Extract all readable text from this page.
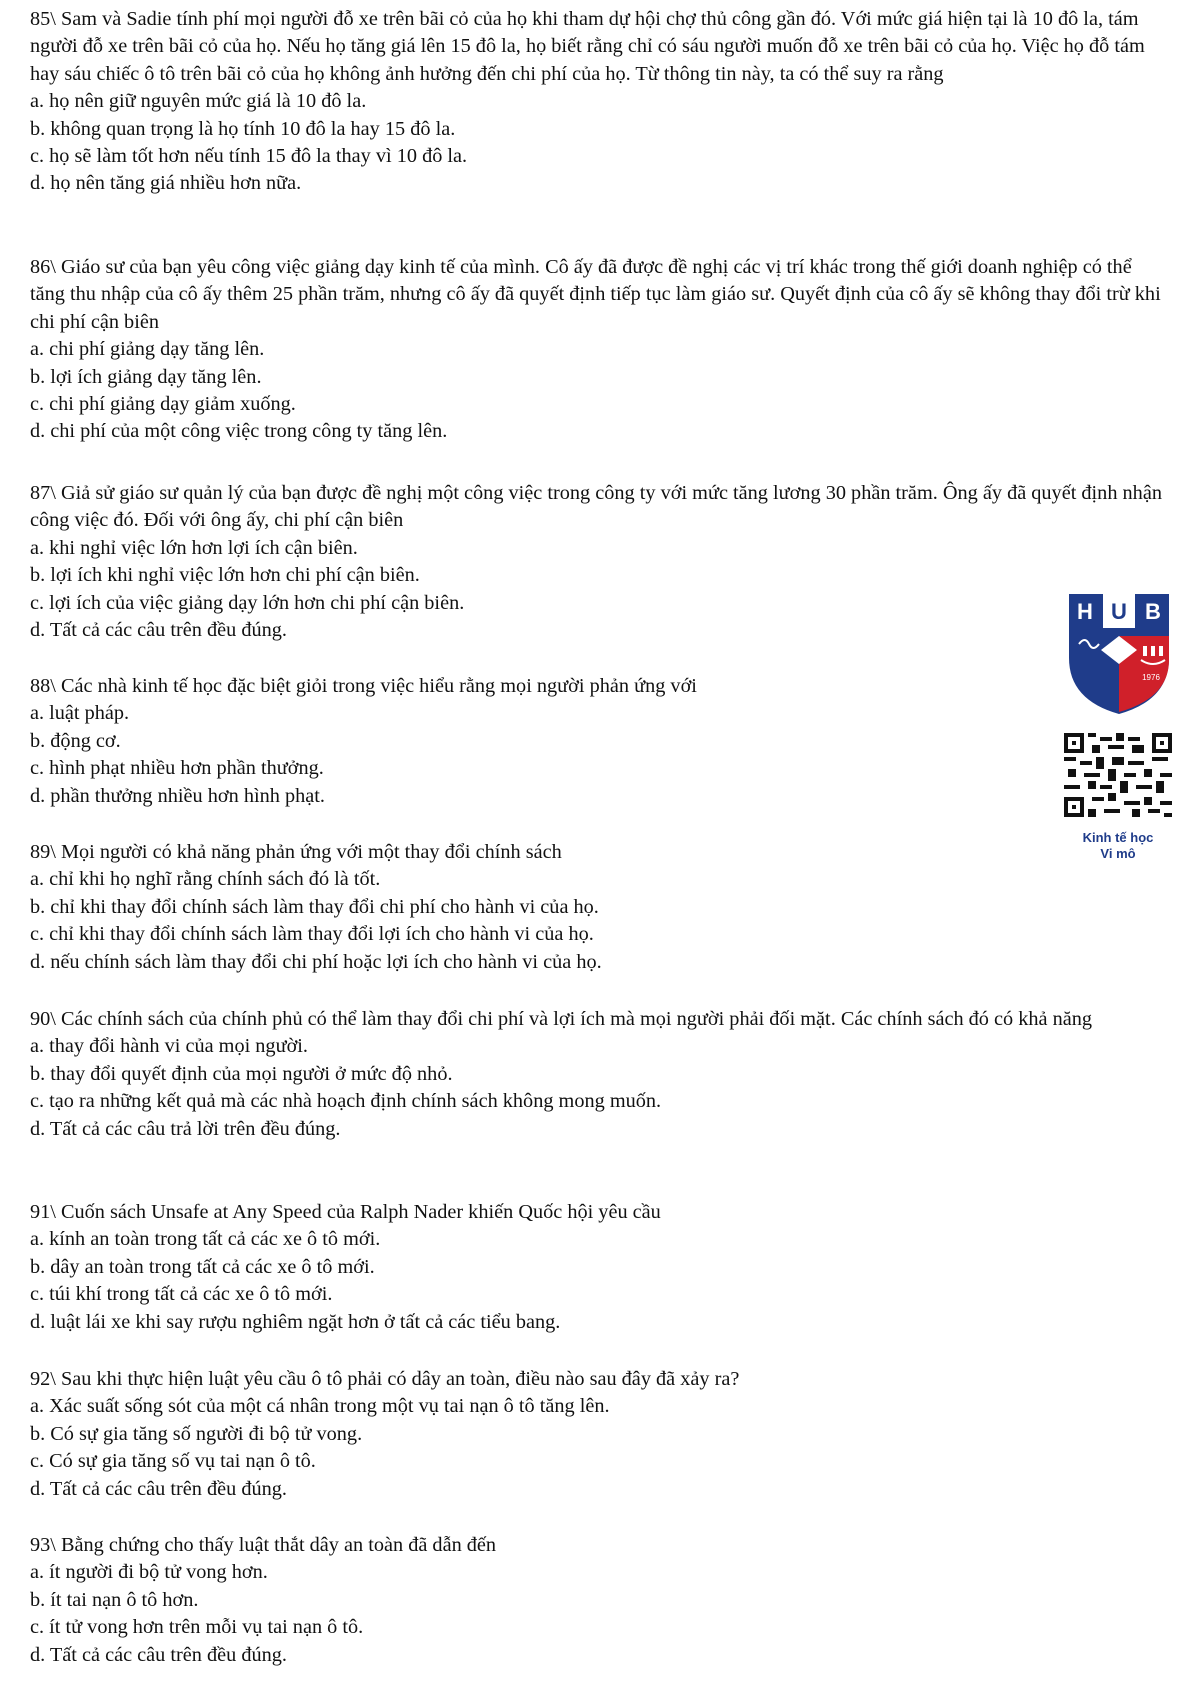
85\ Sam và Sadie tính phí mọi người đỗ xe trên bãi cỏ của họ khi tham dự hội chợ thủ công gần đó. Với mức giá hiện tại là 10 đô la, tám người đỗ xe trên bãi cỏ của họ. Nếu họ tăng giá lên 15 đô la, họ biết rằng chỉ có sáu người muốn đỗ xe trên bãi cỏ của họ. Việc họ đỗ tám hay sáu chiếc ô tô trên bãi cỏ của họ không ảnh hưởng đến chi phí của họ. Từ thông tin này, ta có thể suy ra rằng

a. họ nên giữ nguyên mức giá là 10 đô la.

b. không quan trọng là họ tính 10 đô la hay 15 đô la.

c. họ sẽ làm tốt hơn nếu tính 15 đô la thay vì 10 đô la.

d. họ nên tăng giá nhiều hơn nữa.

86\ Giáo sư của bạn yêu công việc giảng dạy kinh tế của mình. Cô ấy đã được đề nghị các vị trí khác trong thế giới doanh nghiệp có thể tăng thu nhập của cô ấy thêm 25 phần trăm, nhưng cô ấy đã quyết định tiếp tục làm giáo sư. Quyết định của cô ấy sẽ không thay đổi trừ khi chi phí cận biên

a. chi phí giảng dạy tăng lên.

b. lợi ích giảng dạy tăng lên.

c. chi phí giảng dạy giảm xuống.

d. chi phí của một công việc trong công ty tăng lên.

87\ Giả sử giáo sư quản lý của bạn được đề nghị một công việc trong công ty với mức tăng lương 30 phần trăm. Ông ấy đã quyết định nhận công việc đó. Đối với ông ấy, chi phí cận biên

a. khi nghỉ việc lớn hơn lợi ích cận biên.

b. lợi ích khi nghỉ việc lớn hơn chi phí cận biên.

c. lợi ích của việc giảng dạy lớn hơn chi phí cận biên.

d. Tất cả các câu trên đều đúng.

88\ Các nhà kinh tế học đặc biệt giỏi trong việc hiểu rằng mọi người phản ứng với

a. luật pháp.

b. động cơ.

c. hình phạt nhiều hơn phần thưởng.

d. phần thưởng nhiều hơn hình phạt.

89\ Mọi người có khả năng phản ứng với một thay đổi chính sách

a. chỉ khi họ nghĩ rằng chính sách đó là tốt.

b. chỉ khi thay đổi chính sách làm thay đổi chi phí cho hành vi của họ.

c. chỉ khi thay đổi chính sách làm thay đổi lợi ích cho hành vi của họ.

d. nếu chính sách làm thay đổi chi phí hoặc lợi ích cho hành vi của họ.

90\ Các chính sách của chính phủ có thể làm thay đổi chi phí và lợi ích mà mọi người phải đối mặt. Các chính sách đó có khả năng

a. thay đổi hành vi của mọi người.

b. thay đổi quyết định của mọi người ở mức độ nhỏ.

c. tạo ra những kết quả mà các nhà hoạch định chính sách không mong muốn.

d. Tất cả các câu trả lời trên đều đúng.

91\ Cuốn sách Unsafe at Any Speed của Ralph Nader khiến Quốc hội yêu cầu

a. kính an toàn trong tất cả các xe ô tô mới.

b. dây an toàn trong tất cả các xe ô tô mới.

c. túi khí trong tất cả các xe ô tô mới.

d. luật lái xe khi say rượu nghiêm ngặt hơn ở tất cả các tiểu bang.

92\ Sau khi thực hiện luật yêu cầu ô tô phải có dây an toàn, điều nào sau đây đã xảy ra?

a. Xác suất sống sót của một cá nhân trong một vụ tai nạn ô tô tăng lên.

b. Có sự gia tăng số người đi bộ tử vong.

c. Có sự gia tăng số vụ tai nạn ô tô.

d. Tất cả các câu trên đều đúng.

93\ Bằng chứng cho thấy luật thắt dây an toàn đã dẫn đến

a. ít người đi bộ tử vong hơn.

b. ít tai nạn ô tô hơn.

c. ít tử vong hơn trên mỗi vụ tai nạn ô tô.

d. Tất cả các câu trên đều đúng.

H U B
1976
Kinh tế học
Vi mô
